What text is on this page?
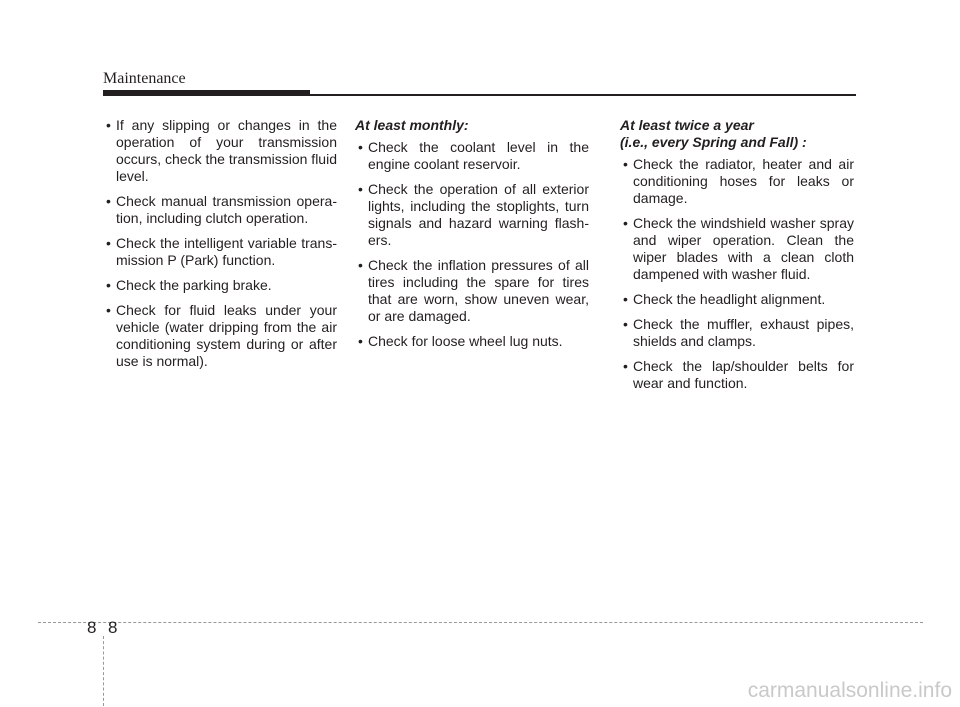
Maintenance
• If any slipping or changes in the operation of your transmission occurs, check the transmission fluid level.
• Check manual transmission opera- tion, including clutch operation.
• Check the intelligent variable trans- mission P (Park) function.
• Check the parking brake.
• Check for fluid leaks under your vehicle (water dripping from the air conditioning system during or after use is normal).
At least monthly:
• Check the coolant level in the engine coolant reservoir.
• Check the operation of all exterior lights, including the stoplights, turn signals and hazard warning flash- ers.
• Check the inflation pressures of all tires including the spare for tires that are worn, show uneven wear, or are damaged.
• Check for loose wheel lug nuts.
At least twice a year
(i.e., every Spring and Fall) :
• Check the radiator, heater and air conditioning hoses for leaks or damage.
• Check the windshield washer spray and wiper operation. Clean the wiper blades with a clean cloth dampened with washer fluid.
• Check the headlight alignment.
• Check the muffler, exhaust pipes, shields and clamps.
• Check the lap/shoulder belts for wear and function.
8 8
carmanualsonline.info
